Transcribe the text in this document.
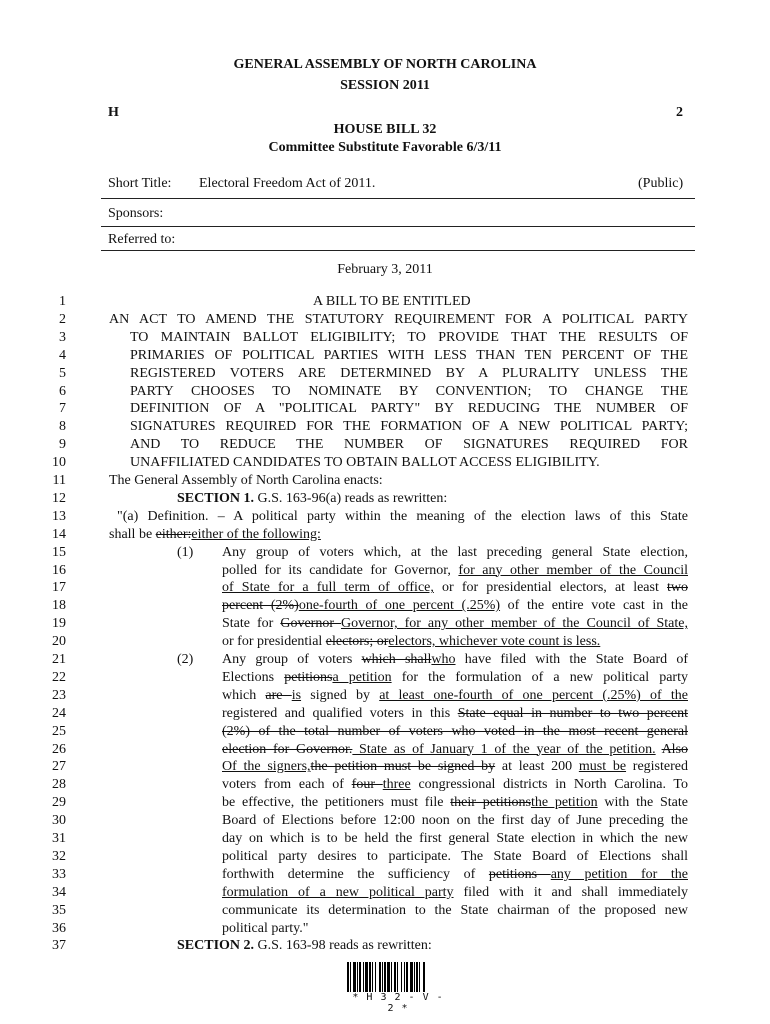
GENERAL ASSEMBLY OF NORTH CAROLINA
SESSION 2011
H	2
HOUSE BILL 32
Committee Substitute Favorable 6/3/11
Short Title: Electoral Freedom Act of 2011.	(Public)
Sponsors:
Referred to:
February 3, 2011
1	A BILL TO BE ENTITLED
2	AN ACT TO AMEND THE STATUTORY REQUIREMENT FOR A POLITICAL PARTY
3	TO MAINTAIN BALLOT ELIGIBILITY; TO PROVIDE THAT THE RESULTS OF
4	PRIMARIES OF POLITICAL PARTIES WITH LESS THAN TEN PERCENT OF THE
5	REGISTERED VOTERS ARE DETERMINED BY A PLURALITY UNLESS THE
6	PARTY CHOOSES TO NOMINATE BY CONVENTION; TO CHANGE THE
7	DEFINITION OF A "POLITICAL PARTY" BY REDUCING THE NUMBER OF
8	SIGNATURES REQUIRED FOR THE FORMATION OF A NEW POLITICAL PARTY;
9	AND TO REDUCE THE NUMBER OF SIGNATURES REQUIRED FOR
10	UNAFFILIATED CANDIDATES TO OBTAIN BALLOT ACCESS ELIGIBILITY.
11	The General Assembly of North Carolina enacts:
12	SECTION 1. G.S. 163-96(a) reads as rewritten:
13	"(a) Definition. – A political party within the meaning of the election laws of this State
14	shall be either:either of the following:
15	(1) Any group of voters which, at the last preceding general State election,
16	polled for its candidate for Governor, for any other member of the Council
17	of State for a full term of office, or for presidential electors, at least two
18	percent (2%)one-fourth of one percent (.25%) of the entire vote cast in the
19	State for Governor Governor, for any other member of the Council of State,
20	or for presidential electors; orelectors, whichever vote count is less.
21	(2) Any group of voters which shallwho have filed with the State Board of
22	Elections petitionsa petition for the formulation of a new political party
23	which are is signed by at least one-fourth of one percent (.25%) of the
24	registered and qualified voters in this State equal in number to two percent
25	(2%) of the total number of voters who voted in the most recent general
26	election for Governor. State as of January 1 of the year of the petition. Also
27	Of the signers,the petition must be signed by at least 200 must be registered
28	voters from each of four three congressional districts in North Carolina. To
29	be effective, the petitioners must file their petitionsthe petition with the State
30	Board of Elections before 12:00 noon on the first day of June preceding the
31	day on which is to be held the first general State election in which the new
32	political party desires to participate. The State Board of Elections shall
33	forthwith determine the sufficiency of petitions any petition for the
34	formulation of a new political party filed with it and shall immediately
35	communicate its determination to the State chairman of the proposed new
36	political party."
37	SECTION 2. G.S. 163-98 reads as rewritten:
* H 3 2 - V - 2 *
